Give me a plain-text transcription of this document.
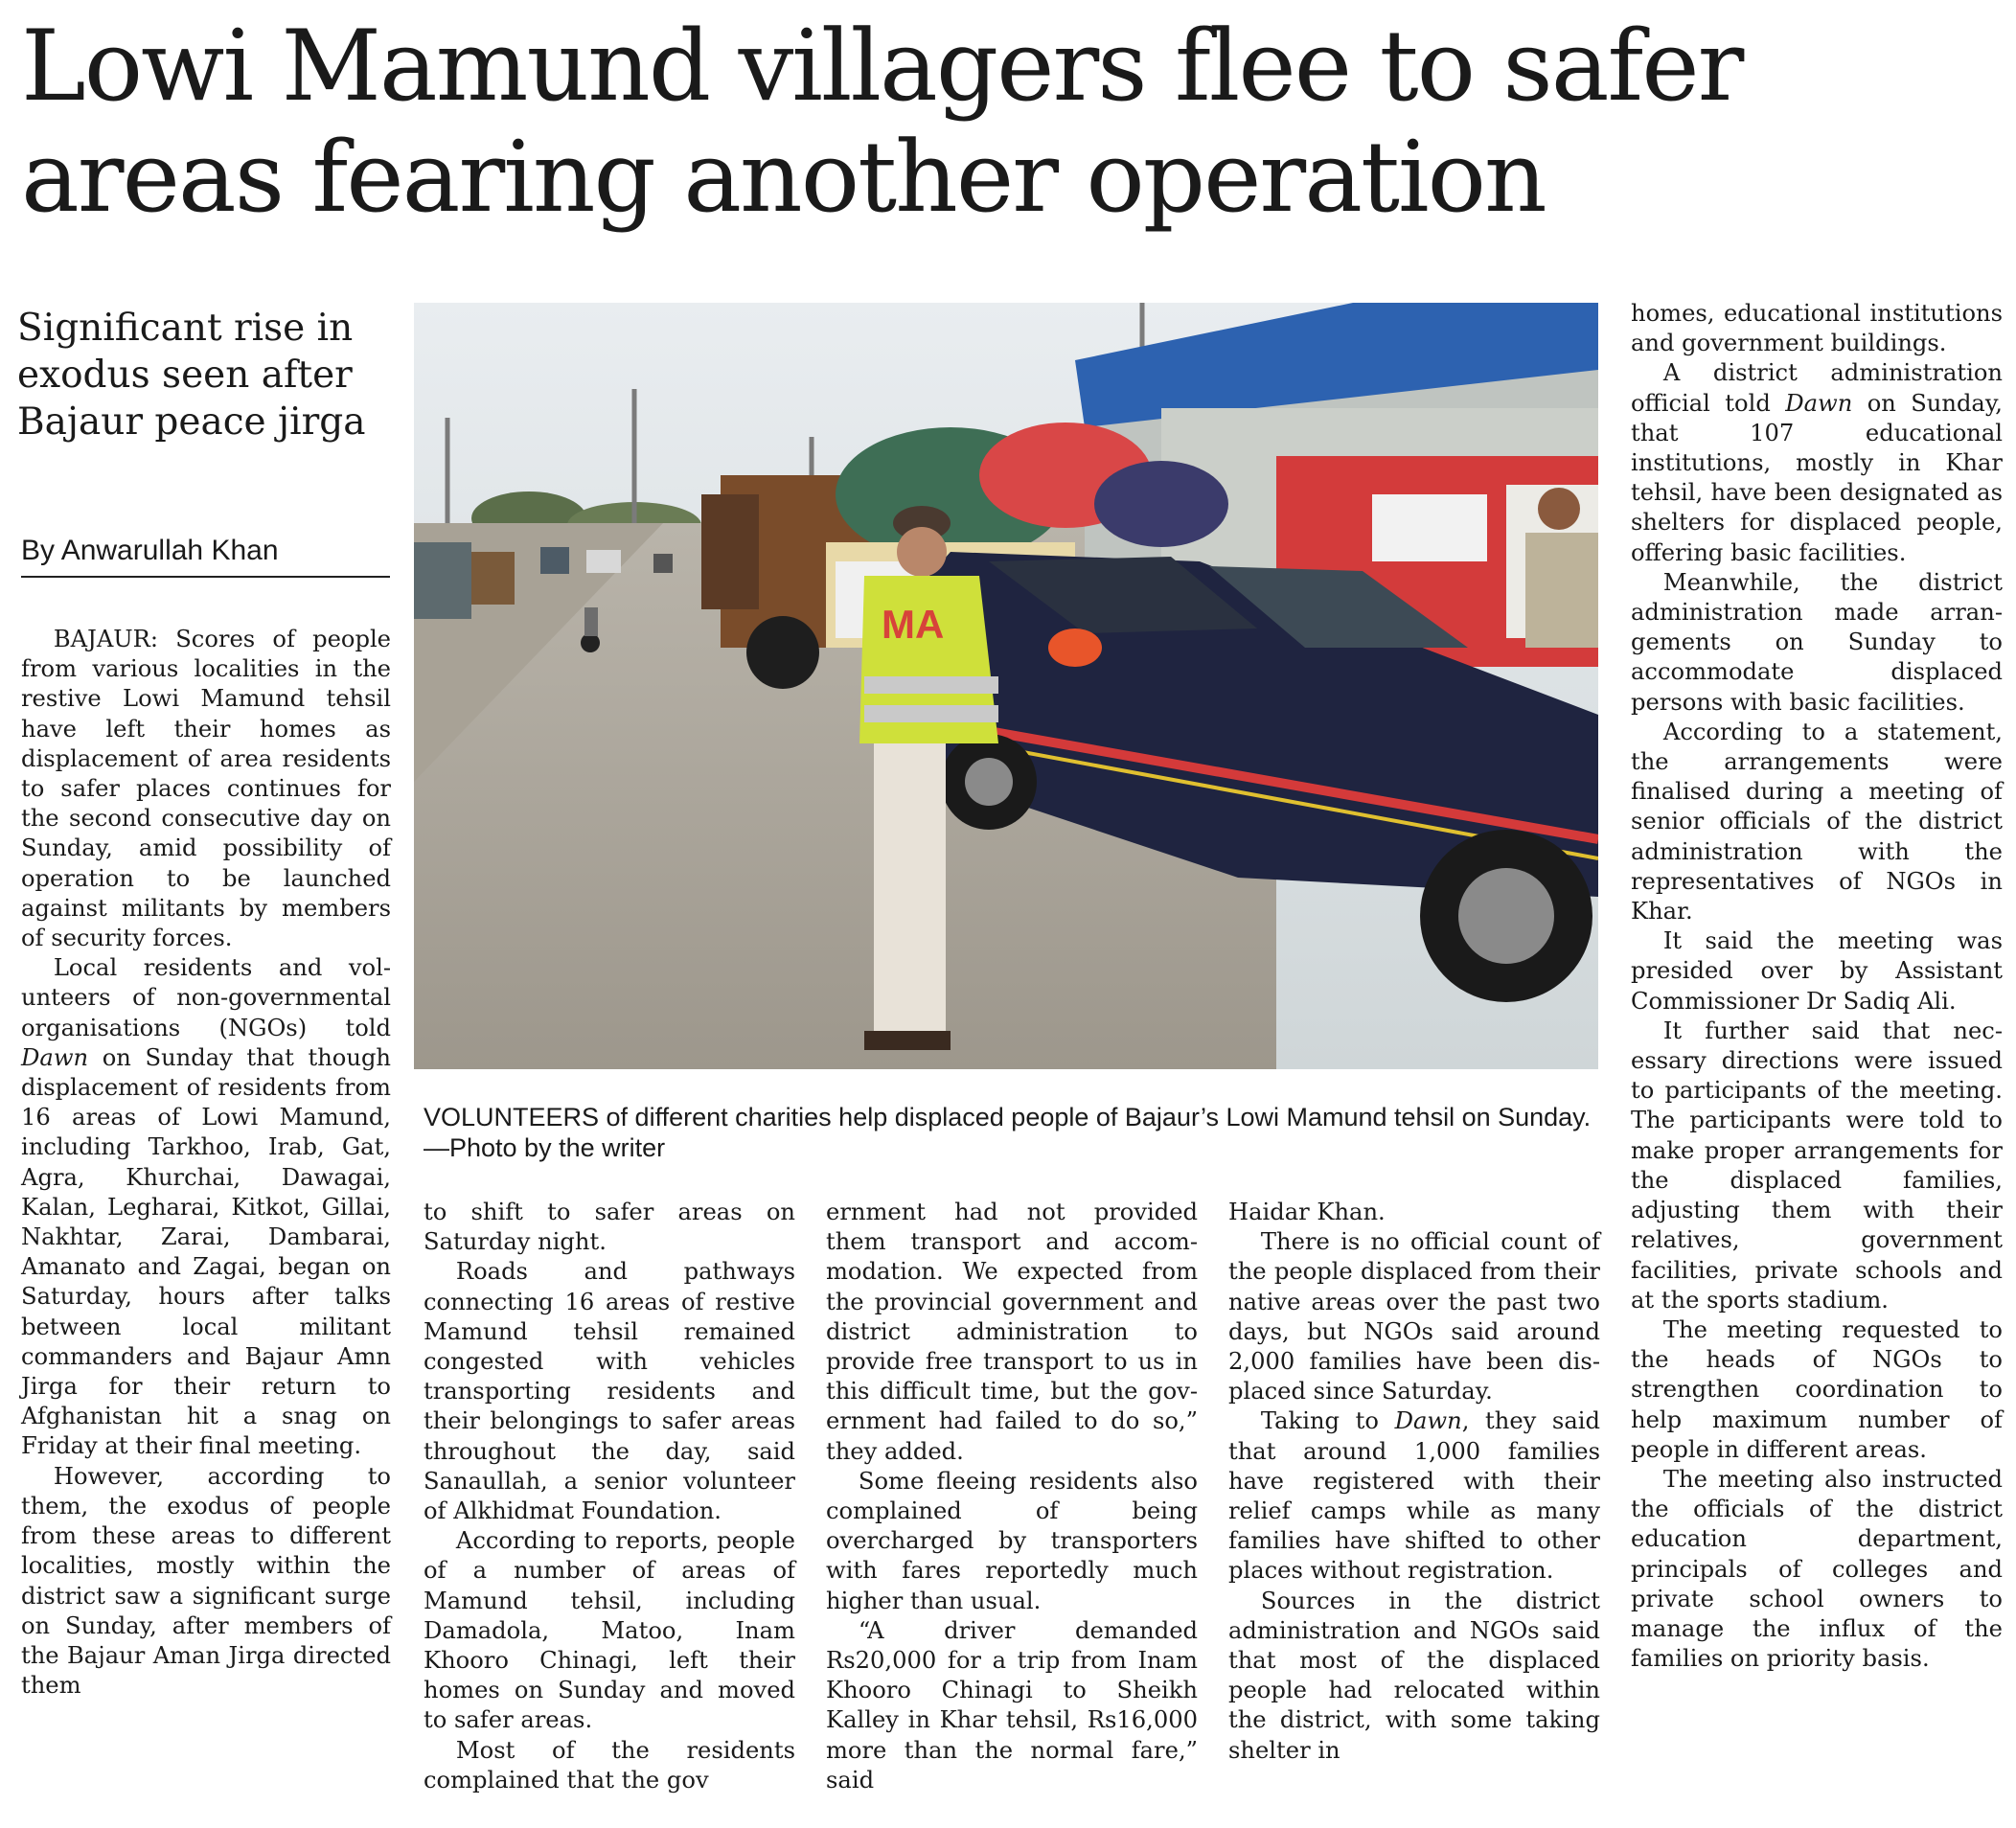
Lowi Mamund villagers flee to safer areas fearing another operation
Significant rise in exodus seen after Bajaur peace jirga
By Anwarullah Khan
MA
VOLUNTEERS of different charities help displaced people of Bajaur’s Lowi Mamund tehsil on Sunday.—Photo by the writer

BAJAUR: Scores of people from various localities in the restive Lowi Mamund tehsil have left their homes as displacement of area residents to safer places continues for the second consecutive day on Sunday, amid possibility of operation to be launched against militants by members of security forces.

Local residents and volunteers of non-governmental organisations (NGOs) told Dawn on Sunday that though displacement of residents from 16 areas of Lowi Mamund, including Tarkhoo, Irab, Gat, Agra, Khurchai, Dawagai, Kalan, Legharai, Kitkot, Gillai, Nakhtar, Zarai, Dambarai, Amanato and Zagai, began on Saturday, hours after talks between local militant commanders and Bajaur Amn Jirga for their return to Afghanistan hit a snag on Friday at their final meeting.

However, according to them, the exodus of people from these areas to different localities, mostly within the district saw a significant surge on Sunday, after members of the Bajaur Aman Jirga directed them

to shift to safer areas on Saturday night.

Roads and pathways connecting 16 areas of restive Mamund tehsil remained congested with vehicles transporting residents and their belongings to safer areas throughout the day, said Sanaullah, a senior volunteer of Alkhidmat Foundation.

According to reports, people of a number of areas of Mamund tehsil, including Damadola, Matoo, Inam Khooro Chinagi, left their homes on Sunday and moved to safer areas.

Most of the residents complained that the gov

ernment had not provided them transport and accommodation. We expected from the provincial government and district administration to provide free transport to us in this difficult time, but the government had failed to do so,” they added.

Some fleeing residents also complained of being overcharged by transporters with fares reportedly much higher than usual.

“A driver demanded Rs20,000 for a trip from Inam Khooro Chinagi to Sheikh Kalley in Khar tehsil, Rs16,000 more than the normal fare,” said

Haidar Khan.

There is no official count of the people displaced from their native areas over the past two days, but NGOs said around 2,000 families have been displaced since Saturday.

Taking to Dawn, they said that around 1,000 families have registered with their relief camps while as many families have shifted to other places without registration.

Sources in the district administration and NGOs said that most of the displaced people had relocated within the district, with some taking shelter in

homes, educational institutions and government buildings.

A district administration official told Dawn on Sunday, that 107 educational institutions, mostly in Khar tehsil, have been designated as shelters for displaced people, offering basic facilities.

Meanwhile, the district administration made arrangements on Sunday to accommodate displaced persons with basic facilities.

According to a statement, the arrangements were finalised during a meeting of senior officials of the district administration with the representatives of NGOs in Khar.

It said the meeting was presided over by Assistant Commissioner Dr Sadiq Ali.

It further said that necessary directions were issued to participants of the meeting. The participants were told to make proper arrangements for the displaced families, adjusting them with their relatives, government facilities, private schools and at the sports stadium.

The meeting requested to the heads of NGOs to strengthen coordination to help maximum number of people in different areas.

The meeting also instructed the officials of the district education department, principals of colleges and private school owners to manage the influx of the families on priority basis.
